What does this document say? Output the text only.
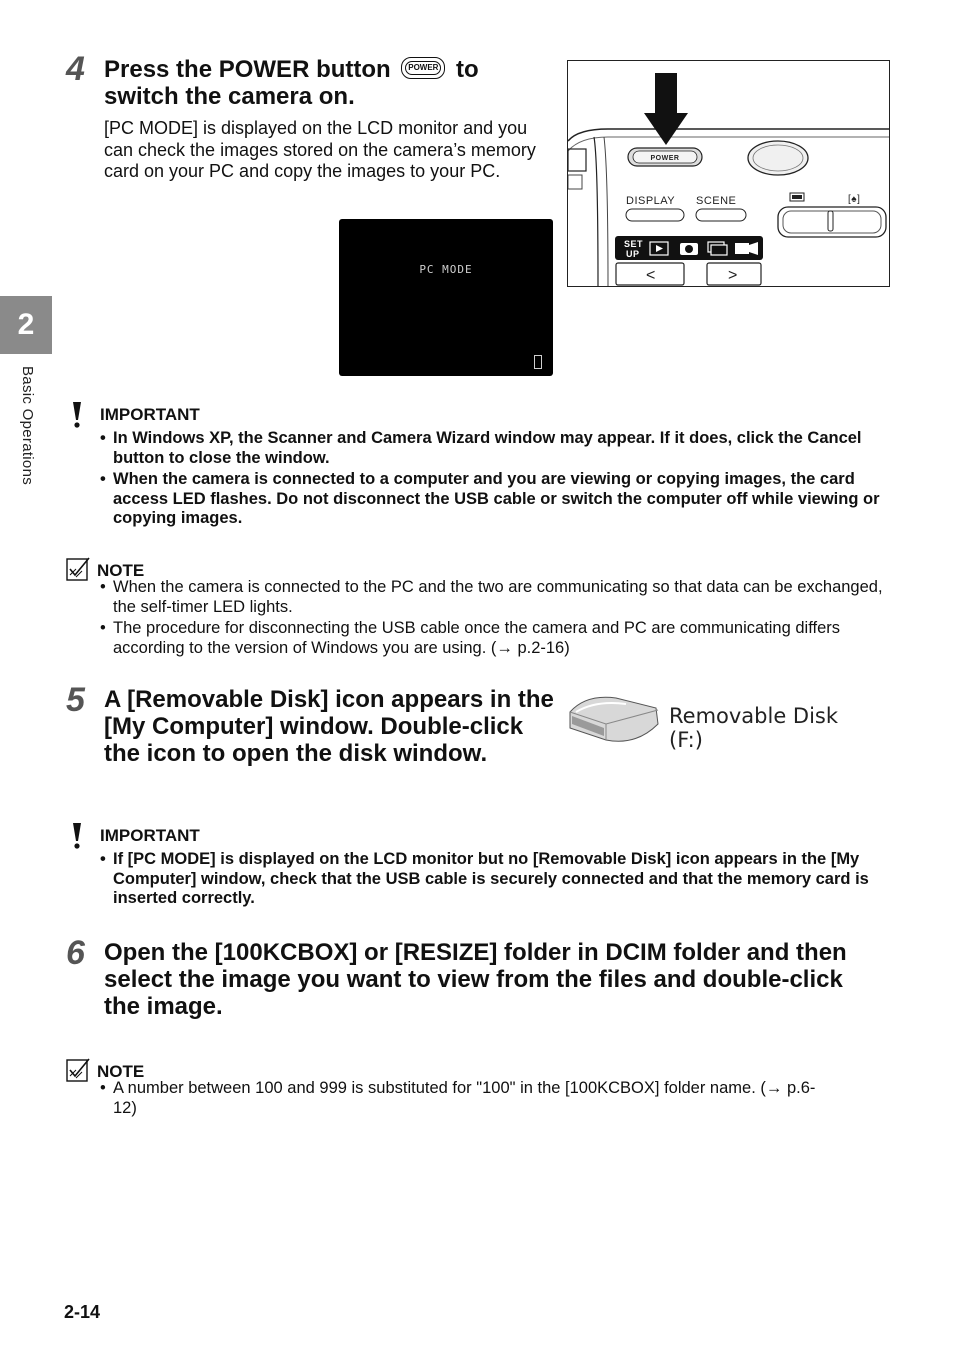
2
Basic Operations
4 Press the POWER button	POWER to
switch the camera on.
[PC MODE] is displayed on the LCD monitor and you can check the images stored on the camera’s memory card on your PC and copy the images to your PC.
PC MODE
POWER
DISPLAY SCENE	[♠]
SET
UP
<	>
IMPORTANT
• In Windows XP, the Scanner and Camera Wizard window may appear. If it does, click the Cancel button to close the window.
• When the camera is connected to a computer and you are viewing or copying images, the card access LED flashes. Do not disconnect the USB cable or switch the computer off while viewing or copying images.
NOTE
• When the camera is connected to the PC and the two are communicating so that data can be exchanged, the self-timer LED lights.
• The procedure for disconnecting the USB cable once the camera and PC are communicating differs according to the version of Windows you are using. (→ p.2-16)
5 A [Removable Disk] icon appears in the [My Computer] window. Double-click the icon to open the disk window.
Removable Disk (F:)
IMPORTANT
• If [PC MODE] is displayed on the LCD monitor but no [Removable Disk] icon appears in the [My Computer] window, check that the USB cable is securely connected and that the memory card is inserted correctly.
6 Open the [100KCBOX] or [RESIZE] folder in DCIM folder and then select the image you want to view from the files and double-click the image.
NOTE
• A number between 100 and 999 is substituted for "100" in the [100KCBOX] folder name. (→ p.6-12)
2-14
